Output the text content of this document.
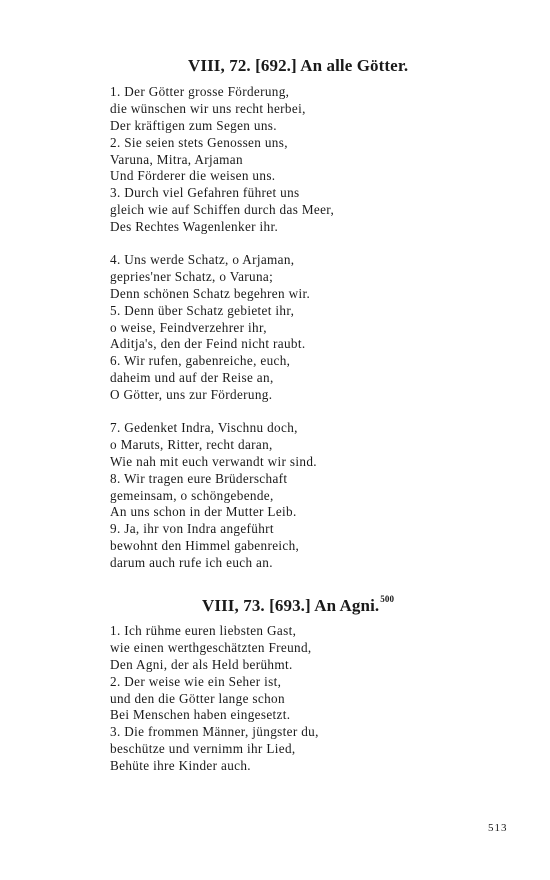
VIII, 72. [692.] An alle Götter.
1. Der Götter grosse Förderung,
die wünschen wir uns recht herbei,
Der kräftigen zum Segen uns.
2. Sie seien stets Genossen uns,
Varuna, Mitra, Arjaman
Und Förderer die weisen uns.
3. Durch viel Gefahren führet uns
gleich wie auf Schiffen durch das Meer,
Des Rechtes Wagenlenker ihr.
4. Uns werde Schatz, o Arjaman,
gepries'ner Schatz, o Varuna;
Denn schönen Schatz begehren wir.
5. Denn über Schatz gebietet ihr,
o weise, Feindverzehrer ihr,
Aditja's, den der Feind nicht raubt.
6. Wir rufen, gabenreiche, euch,
daheim und auf der Reise an,
O Götter, uns zur Förderung.
7. Gedenket Indra, Vischnu doch,
o Maruts, Ritter, recht daran,
Wie nah mit euch verwandt wir sind.
8. Wir tragen eure Brüderschaft
gemeinsam, o schöngebende,
An uns schon in der Mutter Leib.
9. Ja, ihr von Indra angeführt
bewohnt den Himmel gabenreich,
darum auch rufe ich euch an.
VIII, 73. [693.] An Agni.$^{500}$
1. Ich rühme euren liebsten Gast,
wie einen werthgeschätzten Freund,
Den Agni, der als Held berühmt.
2. Der weise wie ein Seher ist,
und den die Götter lange schon
Bei Menschen haben eingesetzt.
3. Die frommen Männer, jüngster du,
beschütze und vernimm ihr Lied,
Behüte ihre Kinder auch.
513
